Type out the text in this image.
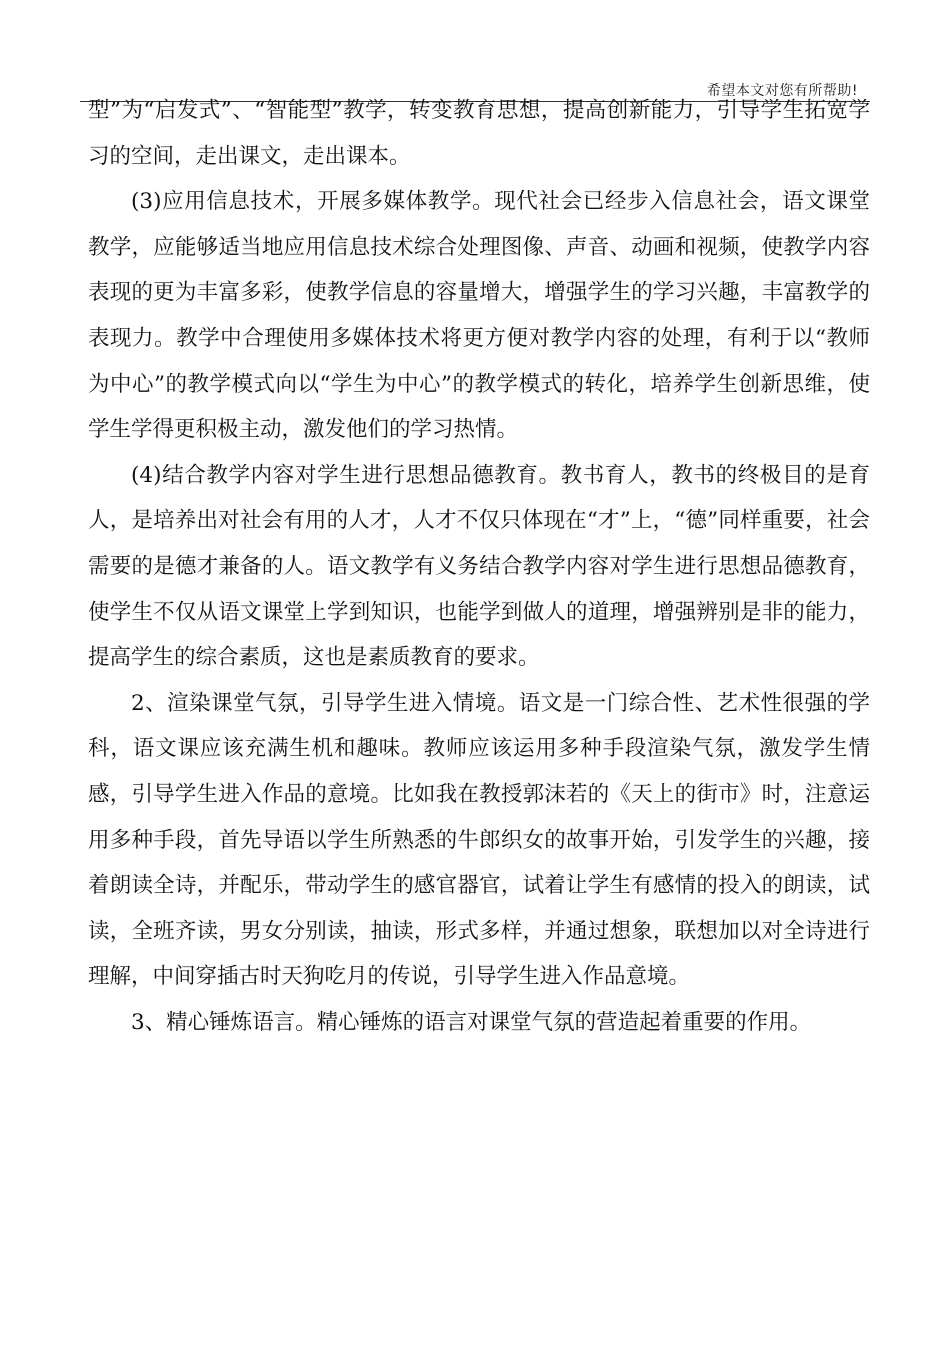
希望本文对您有所帮助!

型”为“启发式”、“智能型”教学，转变教育思想，提高创新能力，引导学生拓宽学习的空间，走出课文，走出课本。

(3)应用信息技术，开展多媒体教学。现代社会已经步入信息社会，语文课堂教学，应能够适当地应用信息技术综合处理图像、声音、动画和视频，使教学内容表现的更为丰富多彩，使教学信息的容量增大，增强学生的学习兴趣，丰富教学的表现力。教学中合理使用多媒体技术将更方便对教学内容的处理，有利于以“教师为中心”的教学模式向以“学生为中心”的教学模式的转化，培养学生创新思维，使学生学得更积极主动，激发他们的学习热情。

(4)结合教学内容对学生进行思想品德教育。教书育人，教书的终极目的是育人，是培养出对社会有用的人才，人才不仅只体现在“才”上，“德”同样重要，社会需要的是德才兼备的人。语文教学有义务结合教学内容对学生进行思想品德教育，使学生不仅从语文课堂上学到知识，也能学到做人的道理，增强辨别是非的能力，提高学生的综合素质，这也是素质教育的要求。

2、渲染课堂气氛，引导学生进入情境。语文是一门综合性、艺术性很强的学科，语文课应该充满生机和趣味。教师应该运用多种手段渲染气氛，激发学生情感，引导学生进入作品的意境。比如我在教授郭沫若的《天上的街市》时，注意运用多种手段，首先导语以学生所熟悉的牛郎织女的故事开始，引发学生的兴趣，接着朗读全诗，并配乐，带动学生的感官器官，试着让学生有感情的投入的朗读，试读，全班齐读，男女分别读，抽读，形式多样，并通过想象，联想加以对全诗进行理解，中间穿插古时天狗吃月的传说，引导学生进入作品意境。

3、精心锤炼语言。精心锤炼的语言对课堂气氛的营造起着重要的作用。
